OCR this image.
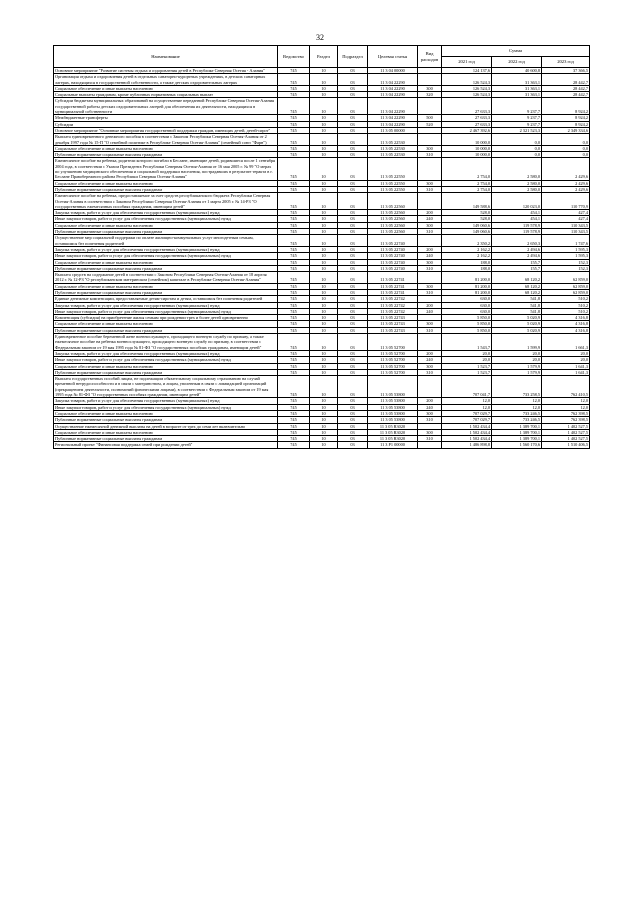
32
Наименование	Ведомство	Раздел	Подраздел	Целевая статья	Вид расходов	Сумма		
						2021 год	2022 год	2023 год
Основное мероприятие "Развитие системы отдыха и оздоровления детей в Республике Северная Осетия - Алания"	745	10	03	11 3 04 00000		124 137,6	40 600,8	37 366,5
Организация отдыха и оздоровления детей в отдельных санаторно-курортных учреждениях, в детских санаторных лагерях, находящихся в государственной собственности, а также детских оздоровительных лагерях	745	10	03	11 3 04 22290		126 524,3	31 363,1	28 442,7
Социальное обеспечение и иные выплаты населению	745	10	03	11 3 04 22290	300	126 524,3	31 363,1	28 442,7
Социальные выплаты гражданам, кроме публичных нормативных социальных выплат	745	10	03	11 3 04 22290	320	126 524,3	31 363,1	28 442,7
Субсидии бюджетам муниципальных образований на осуществление переданной Республике Северная Осетия-Алания государственной работы детских оздоровительных лагерей для обеспечения их деятельности, находящихся в муниципальной собственности	745	10	03	11 3 04 22290		27 633,3	9 237,7	8 924,2
Межбюджетные трансферты	745	10	03	11 3 04 22290	500	27 633,3	9 237,7	8 924,2
Субсидии	745	10	03	11 3 04 22290	520	27 633,3	9 237,7	8 924,2
Основное мероприятие "Основные мероприятия государственной поддержки граждан, имеющих детей, детей-сирот"	745	10	03	11 3 05 00000		2 467 392,6	2 321 523,3	2 349 334,6
Выплата единовременного денежного пособия в соответствии с Законом Республики Северная Осетия-Алания от 2 декабря 1997 года № 15-П "О семейной политике в Республике Северная Осетия-Алания" (семейный союз "Фарн")	745	10	03	11 3 05 22530		10 000,0	0,0	0,0
Социальное обеспечение и иные выплаты населению	745	10	03	11 3 05 22530	300	10 000,0	0,0	0,0
Публичные нормативные социальные выплаты гражданам	745	10	03	11 3 05 22530	310	10 000,0	0,0	0,0
Ежемесячное пособие на ребенка, родители которого погибли в Беслане, имеющие детей, родившиеся после 1 сентября 2004 года, в соответствии с Указом Президента Республики Северная Осетия-Алания от 16 мая 2005 г. № 99 "О мерах по улучшению медицинского обеспечения и социальной поддержки населения, пострадавших в результате теракта в г. Беслане Правобережного района Республики Северная Осетия-Алания"	745	10	03	11 3 05 22550		2 754,0	2 580,0	2 429,6
Социальное обеспечение и иные выплаты населению	745	10	03	11 3 05 22550	300	2 754,0	2 580,0	2 429,6
Публичные нормативные социальные выплаты гражданам	745	10	03	11 3 05 22550	310	2 754,0	2 580,0	2 429,6
Ежемесячное пособие на ребенка, предоставляемое за счет средств республиканского бюджета Республики Северная Осетия-Алания в соответствии с Законом Республики Северная Осетия-Алания от 1 марта 2005 г. № 14-РЗ "О государственных ежемесячных пособиях гражданам, имеющим детей"	745	10	03	11 3 05 22560		149 588,6	120 023,0	110 770,9
Закупка товаров, работ и услуг для обеспечения государственных (муниципальных) нужд	745	10	03	11 3 05 22560	200	528,0	454,1	427,4
Иные закупки товаров, работ и услуг для обеспечения государственных (муниципальных) нужд	745	10	03	11 3 05 22560	240	528,0	454,1	427,4
Социальное обеспечение и иные выплаты населению	745	10	03	11 3 05 22560	300	149 060,6	119 578,9	110 343,5
Публичные нормативные социальные выплаты гражданам	745	10	03	11 3 05 22560	310	149 060,6	119 578,9	110 343,5
Осуществление мер социальной поддержки по оплате жилищно-коммунальных услуг многодетным семьям, оставшимся без попечения родителей	745	10	03	11 3 05 22740		2 350,2	2 650,3	1 747,6
Закупка товаров, работ и услуг для обеспечения государственных (муниципальных) нужд	745	10	03	11 3 05 22740	200	2 162,2	2 494,6	1 595,3
Иные закупки товаров, работ и услуг для обеспечения государственных (муниципальных) нужд	745	10	03	11 3 05 22740	240	2 162,2	2 494,6	1 595,3
Социальное обеспечение и иные выплаты населению	745	10	03	11 3 05 22740	300	188,0	155,7	152,3
Публичные нормативные социальные выплаты гражданам	745	10	03	11 3 05 22740	310	188,0	155,7	152,3
Выплата средств на содержание детей в соответствии с Законом Республики Северная Осетия-Алания от 18 апреля 2012 г. № 12-РЗ "О республиканском материнском (семейном) капитале в Республике Северная Осетия-Алания"	745	10	03	11 3 05 22741		81 200,0	68 120,2	62 859,0
Социальное обеспечение и иные выплаты населению	745	10	03	11 3 05 22741	300	81 200,0	68 120,2	62 859,0
Публичные нормативные социальные выплаты гражданам	745	10	03	11 3 05 22741	310	81 200,0	68 120,2	62 859,0
Единые денежные компенсации, предоставляемые детям-сиротам и детям, оставшимся без попечения родителей	745	10	03	11 3 05 22742		630,0	541,8	510,2
Закупка товаров, работ и услуг для обеспечения государственных (муниципальных) нужд	745	10	03	11 3 05 22742	200	630,0	541,8	510,2
Иные закупки товаров, работ и услуг для обеспечения государственных (муниципальных) нужд	745	10	03	11 3 05 22742	240	630,0	541,8	510,2
Компенсация (субсидия) на приобретение жилья семьям при рождении трех и более детей одновременно	745	10	03	11 3 05 22743		5 850,0	5 020,9	4 316,8
Социальное обеспечение и иные выплаты населению	745	10	03	11 3 05 22743	300	5 850,0	5 020,9	4 316,8
Публичные нормативные социальные выплаты гражданам	745	10	03	11 3 05 22743	310	5 850,0	5 020,9	4 316,8
Единовременное пособие беременной жене военнослужащего, проходящего военную службу по призыву, а также ежемесячное пособие на ребенка военнослужащего, проходящего военную службу по призыву, в соответствии с Федеральным законом от 19 мая 1995 года № 81-ФЗ "О государственных пособиях гражданам, имеющим детей"	745	10	03	11 3 05 52700		1 543,7	1 599,9	1 661,3
Закупка товаров, работ и услуг для обеспечения государственных (муниципальных) нужд	745	10	03	11 3 05 52700	200	20,0	20,0	20,0
Иные закупки товаров, работ и услуг для обеспечения государственных (муниципальных) нужд	745	10	03	11 3 05 52700	240	20,0	20,0	20,0
Социальное обеспечение и иные выплаты населению	745	10	03	11 3 05 52700	300	1 523,7	1 579,9	1 641,3
Публичные нормативные социальные выплаты гражданам	745	10	03	11 3 05 52700	310	1 523,7	1 579,9	1 641,3
Выплата государственных пособий лицам, не подлежащим обязательному социальному страхованию на случай временной нетрудоспособности и в связи с материнством, и лицам, уволенным в связи с ликвидацией организаций (прекращением деятельности, полномочий физическими лицами), в соответствии с Федеральным законом от 19 мая 1995 года № 81-ФЗ "О государственных пособиях гражданам, имеющим детей"	745	10	03	11 3 05 53800		707 041,7	733 258,5	762 410,5
Закупка товаров, работ и услуг для обеспечения государственных (муниципальных) нужд	745	10	03	11 3 05 53800	200	12,0	12,0	12,0
Иные закупки товаров, работ и услуг для обеспечения государственных (муниципальных) нужд	745	10	03	11 3 05 53800	240	12,0	12,0	12,0
Социальное обеспечение и иные выплаты населению	745	10	03	11 3 05 53800	300	707 029,7	733 246,5	762 398,5
Публичные нормативные социальные выплаты гражданам	745	10	03	11 3 05 53800	310	707 029,7	733 246,5	762 398,5
Осуществление ежемесячной денежной выплаты на детей в возрасте от трех до семи лет включительно	745	10	03	11 3 05 R3020		1 502 434,4	1 389 700,1	1 402 527,5
Социальное обеспечение и иные выплаты населению	745	10	03	11 3 05 R3020	300	1 502 434,4	1 389 700,1	1 402 527,5
Публичные нормативные социальные выплаты гражданам	745	10	03	11 3 05 R3020	310	1 502 434,4	1 389 700,1	1 402 527,5
Региональный проект "Финансовая поддержка семей при рождении детей"	745	10	03	11 3 P1 00000		1 486 898,8	1 560 170,6	1 510 406,5
